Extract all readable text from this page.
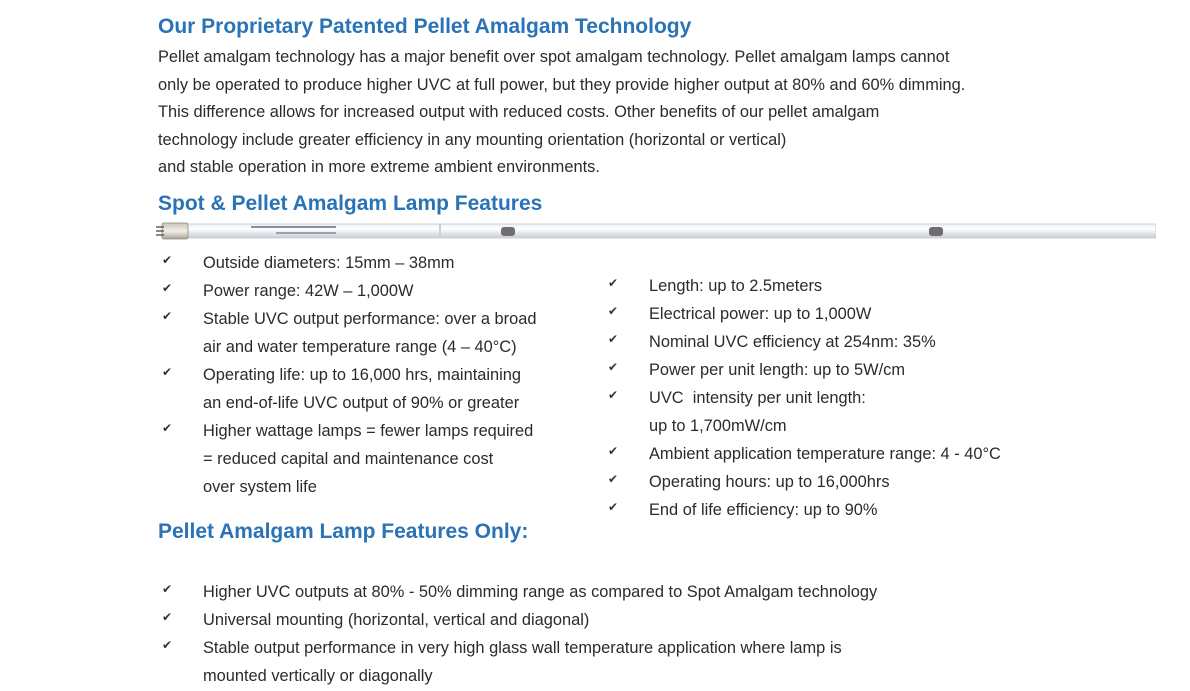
Our Proprietary Patented Pellet Amalgam Technology
Pellet amalgam technology has a major benefit over spot amalgam technology. Pellet amalgam lamps cannot
only be operated to produce higher UVC at full power, but they provide higher output at 80% and 60% dimming.
This difference allows for increased output with reduced costs. Other benefits of our pellet amalgam
technology include greater efficiency in any mounting orientation (horizontal or vertical)
and stable operation in more extreme ambient environments.
Spot & Pellet Amalgam Lamp Features
✔ Outside diameters: 15mm – 38mm
✔ Power range: 42W – 1,000W
✔ Stable UVC output performance: over a broad
air and water temperature range (4 – 40°C)
✔ Operating life: up to 16,000 hrs, maintaining
an end-of-life UVC output of 90% or greater
✔ Higher wattage lamps = fewer lamps required
= reduced capital and maintenance cost
over system life
✔ Length: up to 2.5meters
✔ Electrical power: up to 1,000W
✔ Nominal UVC efficiency at 254nm: 35%
✔ Power per unit length: up to 5W/cm
✔ UVC  intensity per unit length:
up to 1,700mW/cm
✔ Ambient application temperature range: 4 - 40°C
✔ Operating hours: up to 16,000hrs
✔ End of life efficiency: up to 90%
Pellet Amalgam Lamp Features Only:
✔ Higher UVC outputs at 80% - 50% dimming range as compared to Spot Amalgam technology
✔ Universal mounting (horizontal, vertical and diagonal)
✔ Stable output performance in very high glass wall temperature application where lamp is
mounted vertically or diagonally
